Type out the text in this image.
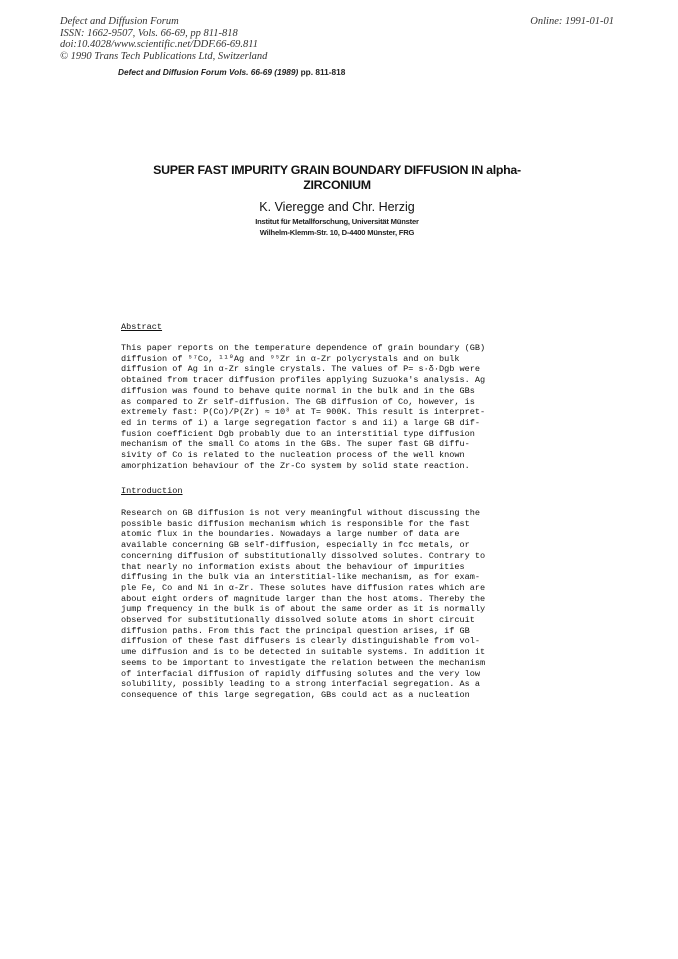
Defect and Diffusion Forum
ISSN: 1662-9507, Vols. 66-69, pp 811-818
doi:10.4028/www.scientific.net/DDF.66-69.811
© 1990 Trans Tech Publications Ltd, Switzerland
Online: 1991-01-01
Defect and Diffusion Forum Vols. 66-69 (1989) pp. 811-818
SUPER FAST IMPURITY GRAIN BOUNDARY DIFFUSION IN alpha-ZIRCONIUM
K. Vieregge and Chr. Herzig
Institut für Metallforschung, Universität Münster
Wilhelm-Klemm-Str. 10, D-4400 Münster, FRG
Abstract
This paper reports on the temperature dependence of grain boundary (GB)
diffusion of ⁵⁷Co, ¹¹⁰Ag and ⁹⁵Zr in α-Zr polycrystals and on bulk
diffusion of Ag in α-Zr single crystals. The values of P= s·δ·Dgb were
obtained from tracer diffusion profiles applying Suzuoka's analysis. Ag
diffusion was found to behave quite normal in the bulk and in the GBs
as compared to Zr self-diffusion. The GB diffusion of Co, however, is
extremely fast: P(Co)/P(Zr) ≈ 10⁸ at T= 900K. This result is interpret-
ed in terms of i) a large segregation factor s and ii) a large GB dif-
fusion coefficient Dgb probably due to an interstitial type diffusion
mechanism of the small Co atoms in the GBs. The super fast GB diffu-
sivity of Co is related to the nucleation process of the well known
amorphization behaviour of the Zr-Co system by solid state reaction.
Introduction
Research on GB diffusion is not very meaningful without discussing the
possible basic diffusion mechanism which is responsible for the fast
atomic flux in the boundaries. Nowadays a large number of data are
available concerning GB self-diffusion, especially in fcc metals, or
concerning diffusion of substitutionally dissolved solutes. Contrary to
that nearly no information exists about the behaviour of impurities
diffusing in the bulk via an interstitial-like mechanism, as for exam-
ple Fe, Co and Ni in α-Zr. These solutes have diffusion rates which are
about eight orders of magnitude larger than the host atoms. Thereby the
jump frequency in the bulk is of about the same order as it is normally
observed for substitutionally dissolved solute atoms in short circuit
diffusion paths. From this fact the principal question arises, if GB
diffusion of these fast diffusers is clearly distinguishable from vol-
ume diffusion and is to be detected in suitable systems. In addition it
seems to be important to investigate the relation between the mechanism
of interfacial diffusion of rapidly diffusing solutes and the very low
solubility, possibly leading to a strong interfacial segregation. As a
consequence of this large segregation, GBs could act as a nucleation
